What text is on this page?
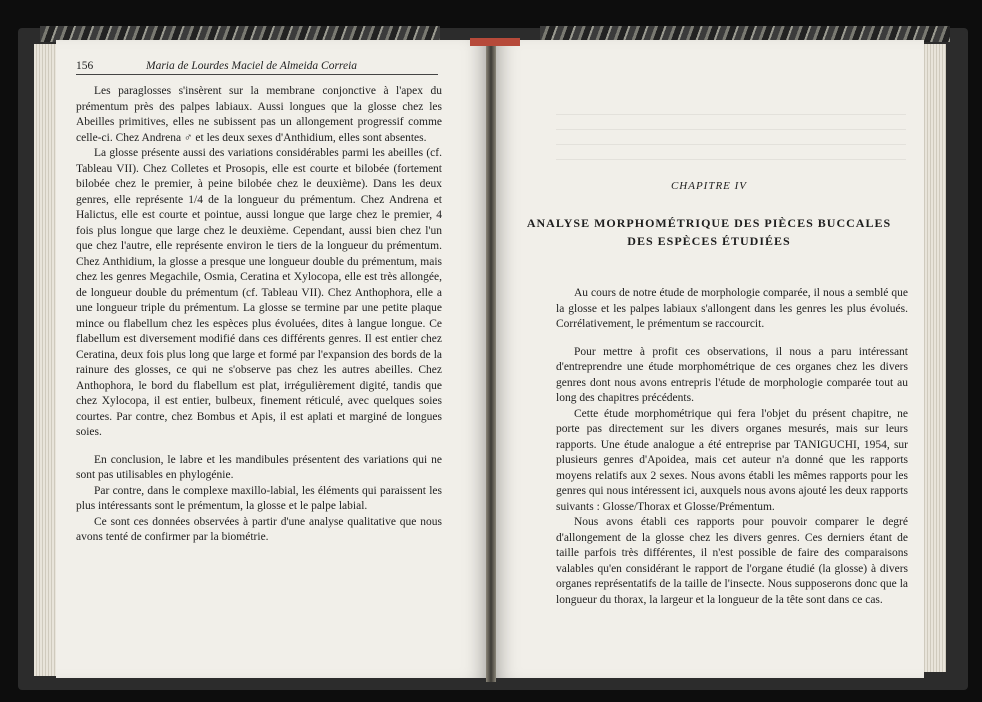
156	Maria de Lourdes Maciel de Almeida Correia

Les paraglosses s'insèrent sur la membrane conjonctive à l'apex du prémentum près des palpes labiaux. Aussi longues que la glosse chez les Abeilles primitives, elles ne subissent pas un allongement progressif comme celle-ci. Chez Andrena ♂ et les deux sexes d'Anthidium, elles sont absentes.

La glosse présente aussi des variations considérables parmi les abeilles (cf. Tableau VII). Chez Colletes et Prosopis, elle est courte et bilobée (fortement bilobée chez le premier, à peine bilobée chez le deuxième). Dans les deux genres, elle représente 1/4 de la longueur du prémentum. Chez Andrena et Halictus, elle est courte et pointue, aussi longue que large chez le premier, 4 fois plus longue que large chez le deuxième. Cependant, aussi bien chez l'un que chez l'autre, elle représente environ le tiers de la longueur du prémentum. Chez Anthidium, la glosse a presque une longueur double du prémentum, mais chez les genres Megachile, Osmia, Ceratina et Xylocopa, elle est très allongée, de longueur double du prémentum (cf. Tableau VII). Chez Anthophora, elle a une longueur triple du prémentum. La glosse se termine par une petite plaque mince ou flabellum chez les espèces plus évoluées, dites à langue longue. Ce flabellum est diversement modifié dans ces différents genres. Il est entier chez Ceratina, deux fois plus long que large et formé par l'expansion des bords de la rainure des glosses, ce qui ne s'observe pas chez les autres abeilles. Chez Anthophora, le bord du flabellum est plat, irrégulièrement digité, tandis que chez Xylocopa, il est entier, bulbeux, finement réticulé, avec quelques soies courtes. Par contre, chez Bombus et Apis, il est aplati et marginé de longues soies.

En conclusion, le labre et les mandibules présentent des variations qui ne sont pas utilisables en phylogénie.

Par contre, dans le complexe maxillo-labial, les éléments qui paraissent les plus intéressants sont le prémentum, la glosse et le palpe labial.

Ce sont ces données observées à partir d'une analyse qualitative que nous avons tenté de confirmer par la biométrie.

CHAPITRE IV
ANALYSE MORPHOMÉTRIQUE DES PIÈCES BUCCALES
DES ESPÈCES ÉTUDIÉES

Au cours de notre étude de morphologie comparée, il nous a semblé que la glosse et les palpes labiaux s'allongent dans les genres les plus évolués. Corrélativement, le prémentum se raccourcit.

Pour mettre à profit ces observations, il nous a paru intéressant d'entreprendre une étude morphométrique de ces organes chez les divers genres dont nous avons entrepris l'étude de morphologie comparée tout au long des chapitres précédents.

Cette étude morphométrique qui fera l'objet du présent chapitre, ne porte pas directement sur les divers organes mesurés, mais sur leurs rapports. Une étude analogue a été entreprise par TANIGUCHI, 1954, sur plusieurs genres d'Apoidea, mais cet auteur n'a donné que les rapports moyens relatifs aux 2 sexes. Nous avons établi les mêmes rapports pour les genres qui nous intéressent ici, auxquels nous avons ajouté les deux rapports suivants : Glosse/Thorax et Glosse/Prémentum.

Nous avons établi ces rapports pour pouvoir comparer le degré d'allongement de la glosse chez les divers genres. Ces derniers étant de taille parfois très différentes, il n'est possible de faire des comparaisons valables qu'en considérant le rapport de l'organe étudié (la glosse) à divers organes représentatifs de la taille de l'insecte. Nous supposerons donc que la longueur du thorax, la largeur et la longueur de la tête sont dans ce cas.
